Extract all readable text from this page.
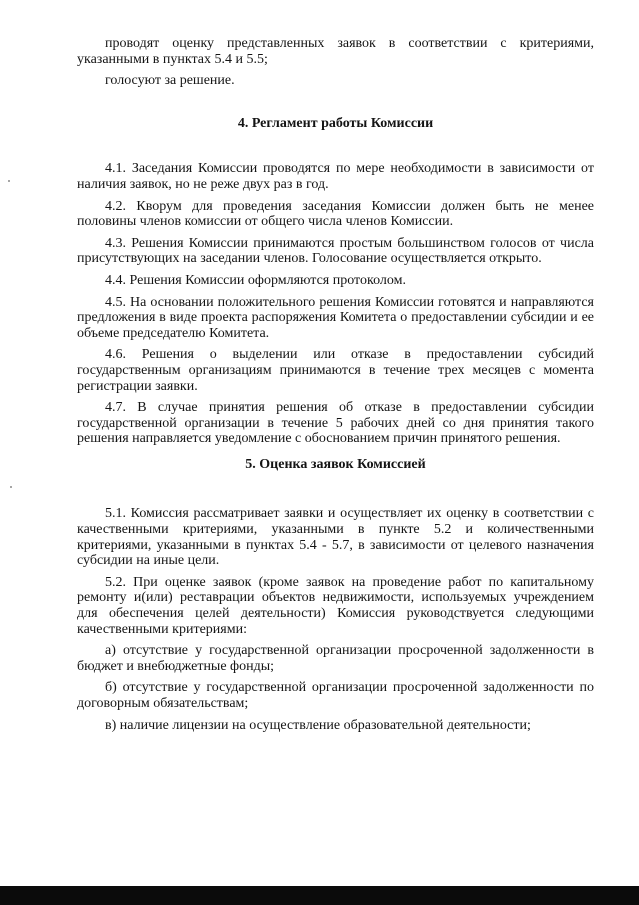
проводят оценку представленных заявок в соответствии с критериями, указанными в пунктах 5.4 и 5.5;

голосуют за решение.

4. Регламент работы Комиссии

4.1. Заседания Комиссии проводятся по мере необходимости в зависимости от наличия заявок, но не реже двух раз в год.

4.2. Кворум для проведения заседания Комиссии должен быть не менее половины членов комиссии от общего числа членов Комиссии.

4.3. Решения Комиссии принимаются простым большинством голосов от числа присутствующих на заседании членов. Голосование осуществляется открыто.

4.4. Решения Комиссии оформляются протоколом.

4.5. На основании положительного решения Комиссии готовятся и направляются предложения в виде проекта распоряжения Комитета о предоставлении субсидии и ее объеме председателю Комитета.

4.6. Решения о выделении или отказе в предоставлении субсидий государственным организациям принимаются в течение трех месяцев с момента регистрации заявки.

4.7. В случае принятия решения об отказе в предоставлении субсидии государственной организации в течение 5 рабочих дней со дня принятия такого решения направляется уведомление с обоснованием причин принятого решения.

5. Оценка заявок Комиссией

5.1. Комиссия рассматривает заявки и осуществляет их оценку в соответствии с качественными критериями, указанными в пункте 5.2 и количественными критериями, указанными в пунктах 5.4 - 5.7, в зависимости от целевого назначения субсидии на иные цели.

5.2. При оценке заявок (кроме заявок на проведение работ по капитальному ремонту и(или) реставрации объектов недвижимости, используемых учреждением для обеспечения целей деятельности) Комиссия руководствуется следующими качественными критериями:

а) отсутствие у государственной организации просроченной задолженности в бюджет и внебюджетные фонды;

б) отсутствие у государственной организации просроченной задолженности по договорным обязательствам;

в) наличие лицензии на осуществление образовательной деятельности;
